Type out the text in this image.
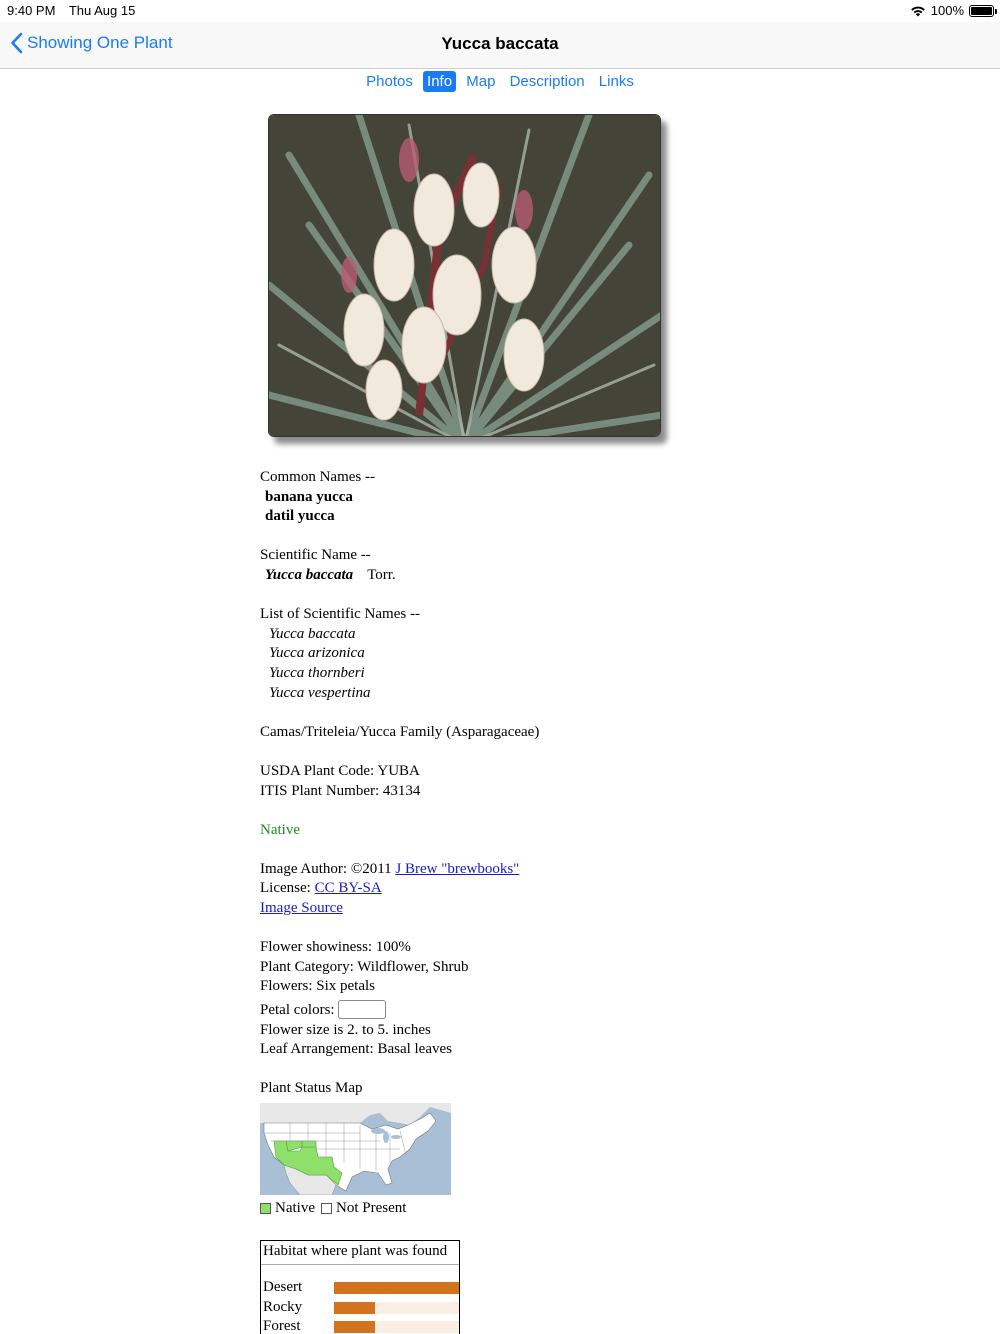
9:40 PM Thu Aug 15	100%
Showing One Plant	Yucca baccata
Photos Info Map Description Links
Common Names --
banana yucca
datil yucca
Scientific Name --
Yucca baccata Torr.
List of Scientific Names --
Yucca baccata
Yucca arizonica
Yucca thornberi
Yucca vespertina
Camas/Triteleia/Yucca Family (Asparagaceae)
USDA Plant Code: YUBA
ITIS Plant Number: 43134
Native
Image Author: ©2011 J Brew "brewbooks"
License: CC BY-SA
Image Source
Flower showiness: 100%
Plant Category: Wildflower, Shrub
Flowers: Six petals
Petal colors:
Flower size is 2. to 5. inches
Leaf Arrangement: Basal leaves
Plant Status Map
Native Not Present
Habitat where plant was found
Desert
Rocky
Forest
